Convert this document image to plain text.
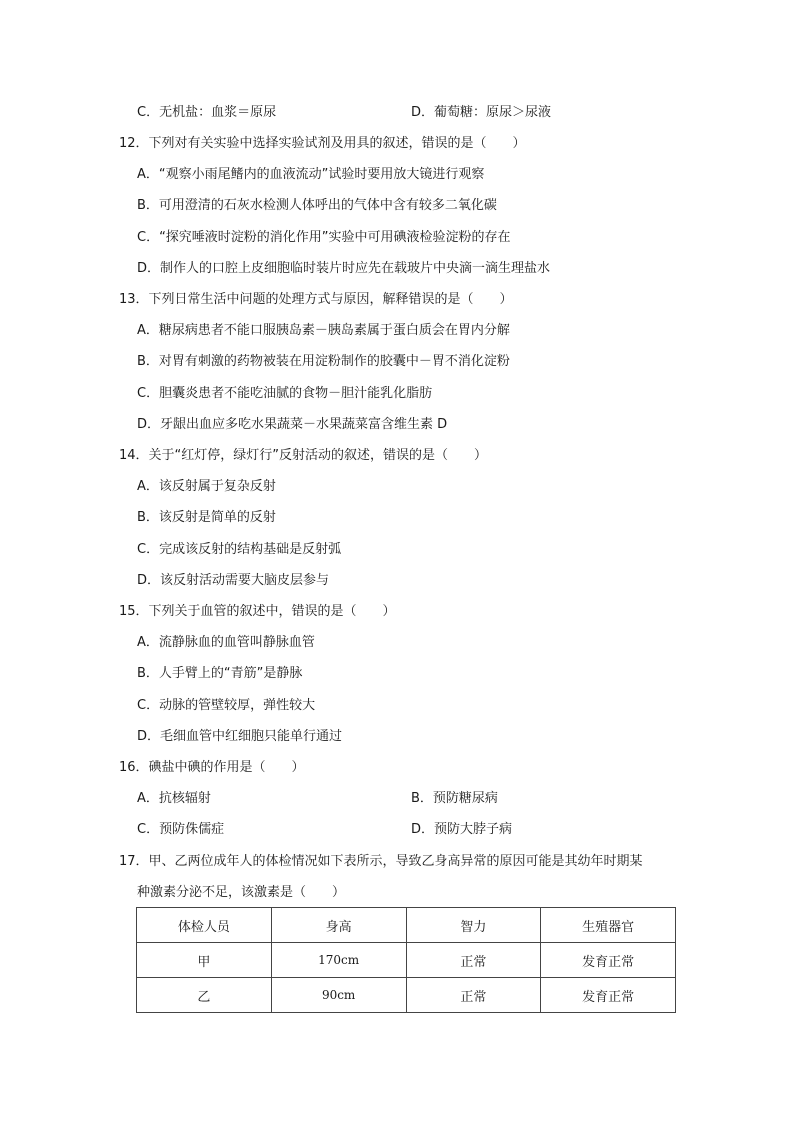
C．无机盐：血浆＝原尿	D．葡萄糖：原尿＞尿液
12．下列对有关实验中选择实验试剂及用具的叙述，错误的是（　　）
A．“观察小雨尾鳍内的血液流动”试验时要用放大镜进行观察
B．可用澄清的石灰水检测人体呼出的气体中含有较多二氧化碳
C．“探究唾液时淀粉的消化作用”实验中可用碘液检验淀粉的存在
D．制作人的口腔上皮细胞临时装片时应先在载玻片中央滴一滴生理盐水
13．下列日常生活中问题的处理方式与原因，解释错误的是（　　）
A．糖尿病患者不能口服胰岛素－胰岛素属于蛋白质会在胃内分解
B．对胃有刺激的药物被装在用淀粉制作的胶囊中－胃不消化淀粉
C．胆囊炎患者不能吃油腻的食物－胆汁能乳化脂肪
D．牙龈出血应多吃水果蔬菜－水果蔬菜富含维生素 D
14．关于“红灯停，绿灯行”反射活动的叙述，错误的是（　　）
A．该反射属于复杂反射
B．该反射是简单的反射
C．完成该反射的结构基础是反射弧
D．该反射活动需要大脑皮层参与
15．下列关于血管的叙述中，错误的是（　　）
A．流静脉血的血管叫静脉血管
B．人手臂上的“青筋”是静脉
C．动脉的管壁较厚，弹性较大
D．毛细血管中红细胞只能单行通过
16．碘盐中碘的作用是（　　）
A．抗核辐射	B．预防糖尿病
C．预防侏儒症	D．预防大脖子病
17．甲、乙两位成年人的体检情况如下表所示，导致乙身高异常的原因可能是其幼年时期某
种激素分泌不足，该激素是（　　）
体检人员	身高	智力	生殖器官
甲	170cm	正常	发育正常
乙	90cm	正常	发育正常
